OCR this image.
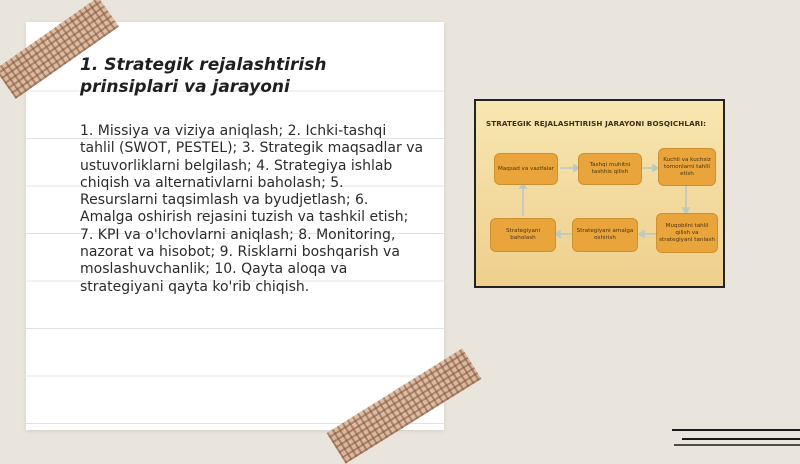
1. Strategik rejalashtirish prinsiplari va jarayoni

1. Missiya va viziya aniqlash; 2. Ichki-tashqi tahlil (SWOT, PESTEL); 3. Strategik maqsadlar va ustuvorliklarni belgilash; 4. Strategiya ishlab chiqish va alternativlarni baholash; 5. Resurslarni taqsimlash va byudjetlash; 6. Amalga oshirish rejasini tuzish va tashkil etish; 7. KPI va o'lchovlarni aniqlash; 8. Monitoring, nazorat va hisobot; 9. Risklarni boshqarish va moslashuvchanlik; 10. Qayta aloqa va strategiyani qayta ko'rib chiqish.

STRATEGIK REJALASHTIRISH JARAYONI BOSQICHLARI:
Maqsad va vazifalar
Tashqi muhitni tashhis qilish
Kuchli va kuchsiz tomonlarni tahlil etish
Muqobilni tahlil qilish va strategiyani tanlash
Strategiyani amalga oshirish
Strategiyani baholash
